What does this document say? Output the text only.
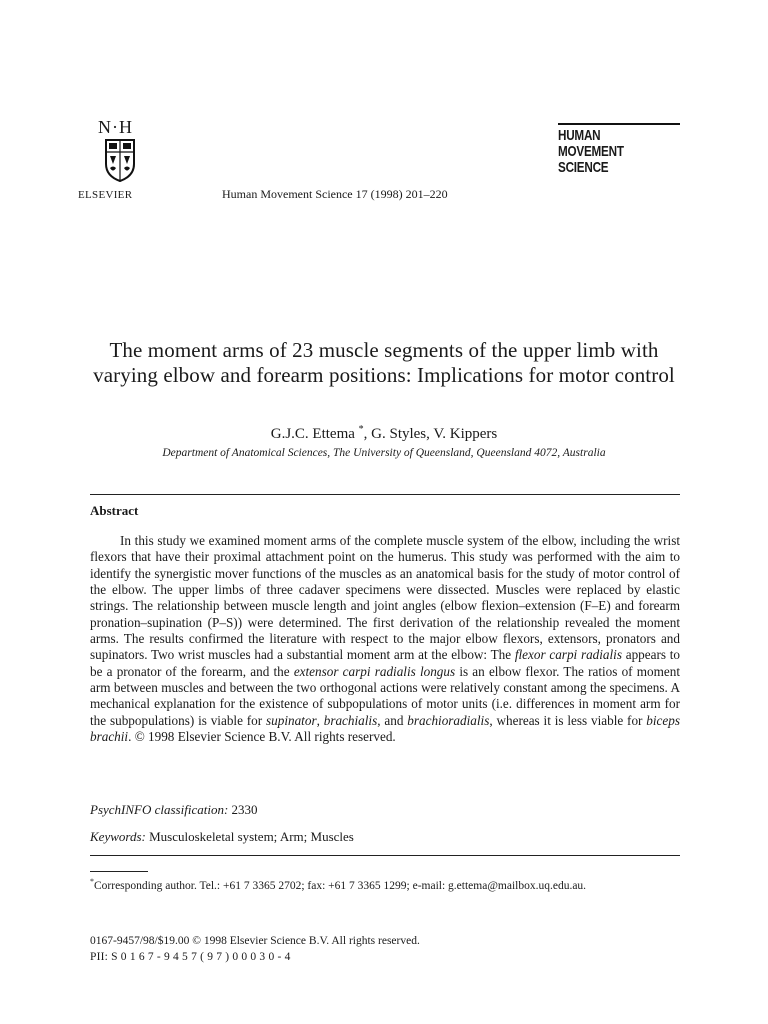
N·H
ELSEVIER	Human Movement Science 17 (1998) 201–220
HUMAN
MOVEMENT
SCIENCE
The moment arms of 23 muscle segments of the upper limb with varying elbow and forearm positions: Implications for motor control
G.J.C. Ettema *, G. Styles, V. Kippers
Department of Anatomical Sciences, The University of Queensland, Queensland 4072, Australia
Abstract

In this study we examined moment arms of the complete muscle system of the elbow, including the wrist flexors that have their proximal attachment point on the humerus. This study was performed with the aim to identify the synergistic mover functions of the muscles as an anatomical basis for the study of motor control of the elbow. The upper limbs of three cadaver specimens were dissected. Muscles were replaced by elastic strings. The relationship between muscle length and joint angles (elbow flexion–extension (F–E) and forearm pronation–supination (P–S)) were determined. The first derivation of the relationship revealed the moment arms. The results confirmed the literature with respect to the major elbow flexors, extensors, pronators and supinators. Two wrist muscles had a substantial moment arm at the elbow: The flexor carpi radialis appears to be a pronator of the forearm, and the extensor carpi radialis longus is an elbow flexor. The ratios of moment arm between muscles and between the two orthogonal actions were relatively constant among the specimens. A mechanical explanation for the existence of subpopulations of motor units (i.e. differences in moment arm for the subpopulations) is viable for supinator, brachialis, and brachioradialis, whereas it is less viable for biceps brachii. © 1998 Elsevier Science B.V. All rights reserved.

PsychINFO classification: 2330
Keywords: Musculoskeletal system; Arm; Muscles
*Corresponding author. Tel.: +61 7 3365 2702; fax: +61 7 3365 1299; e-mail: g.ettema@mailbox.uq.edu.au.
0167-9457/98/$19.00 © 1998 Elsevier Science B.V. All rights reserved.
PII: S 0 1 6 7 - 9 4 5 7 ( 9 7 ) 0 0 0 3 0 - 4
